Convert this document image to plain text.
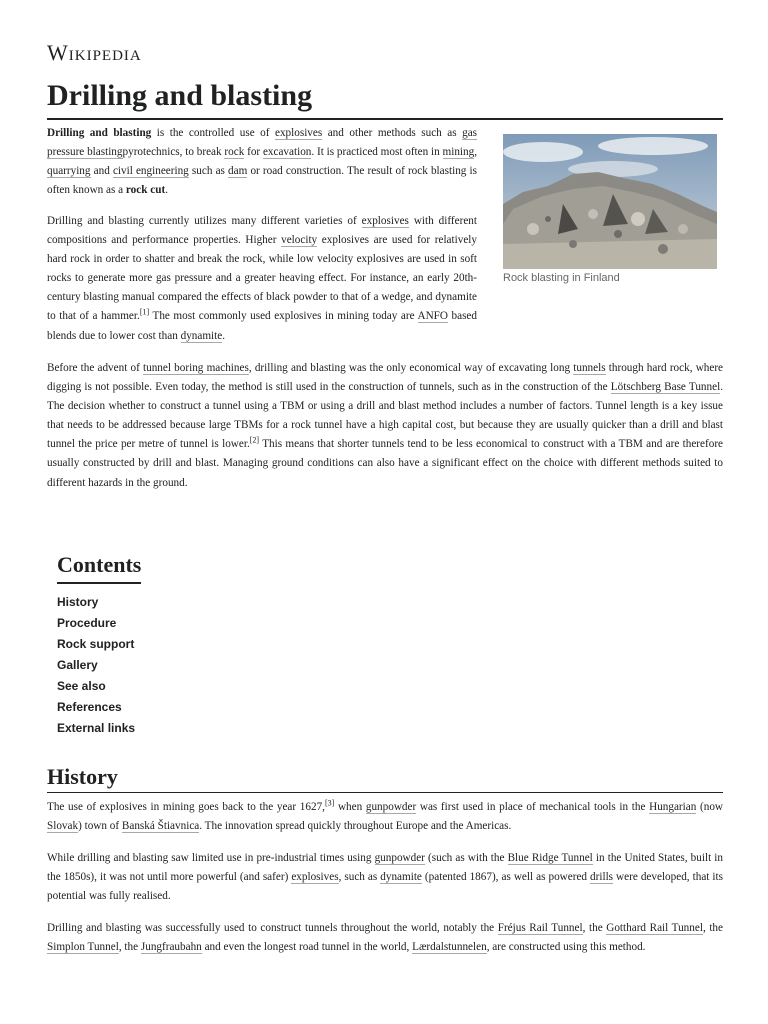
Wikipedia
Drilling and blasting

Drilling and blasting is the controlled use of explosives and other methods such as gas pressure blastingpyrotechnics, to break rock for excavation. It is practiced most often in mining, quarrying and civil engineering such as dam or road construction. The result of rock blasting is often known as a rock cut.

Rock blasting in Finland

Drilling and blasting currently utilizes many different varieties of explosives with different compositions and performance properties. Higher velocity explosives are used for relatively hard rock in order to shatter and break the rock, while low velocity explosives are used in soft rocks to generate more gas pressure and a greater heaving effect. For instance, an early 20th-century blasting manual compared the effects of black powder to that of a wedge, and dynamite to that of a hammer.[1] The most commonly used explosives in mining today are ANFO based blends due to lower cost than dynamite.

Before the advent of tunnel boring machines, drilling and blasting was the only economical way of excavating long tunnels through hard rock, where digging is not possible. Even today, the method is still used in the construction of tunnels, such as in the construction of the Lötschberg Base Tunnel. The decision whether to construct a tunnel using a TBM or using a drill and blast method includes a number of factors. Tunnel length is a key issue that needs to be addressed because large TBMs for a rock tunnel have a high capital cost, but because they are usually quicker than a drill and blast tunnel the price per metre of tunnel is lower.[2] This means that shorter tunnels tend to be less economical to construct with a TBM and are therefore usually constructed by drill and blast. Managing ground conditions can also have a significant effect on the choice with different methods suited to different hazards in the ground.

Contents
History
Procedure
Rock support
Gallery
See also
References
External links
History

The use of explosives in mining goes back to the year 1627,[3] when gunpowder was first used in place of mechanical tools in the Hungarian (now Slovak) town of Banská Štiavnica. The innovation spread quickly throughout Europe and the Americas.

While drilling and blasting saw limited use in pre-industrial times using gunpowder (such as with the Blue Ridge Tunnel in the United States, built in the 1850s), it was not until more powerful (and safer) explosives, such as dynamite (patented 1867), as well as powered drills were developed, that its potential was fully realised.

Drilling and blasting was successfully used to construct tunnels throughout the world, notably the Fréjus Rail Tunnel, the Gotthard Rail Tunnel, the Simplon Tunnel, the Jungfraubahn and even the longest road tunnel in the world, Lærdalstunnelen, are constructed using this method.
